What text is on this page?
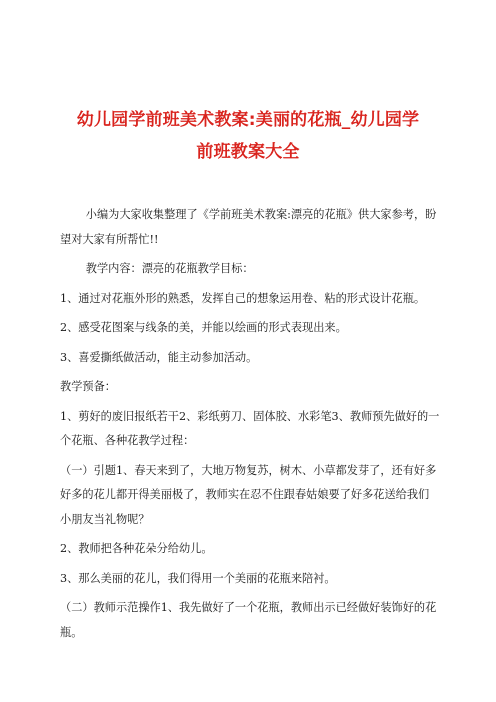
幼儿园学前班美术教案:美丽的花瓶_幼儿园学
前班教案大全

小编为大家收集整理了《学前班美术教案:漂亮的花瓶》供大家参考，盼望对大家有所帮忙!!

教学内容：漂亮的花瓶教学目标：

1、通过对花瓶外形的熟悉，发挥自己的想象运用卷、粘的形式设计花瓶。

2、感受花图案与线条的美，并能以绘画的形式表现出来。

3、喜爱撕纸做活动，能主动参加活动。

教学预备：

1、剪好的废旧报纸若干2、彩纸剪刀、固体胶、水彩笔3、教师预先做好的一个花瓶、各种花教学过程：

（一）引题1、春天来到了，大地万物复苏，树木、小草都发芽了，还有好多好多的花儿都开得美丽极了，教师实在忍不住跟春姑娘要了好多花送给我们小朋友当礼物呢？

2、教师把各种花朵分给幼儿。

3、那么美丽的花儿，我们得用一个美丽的花瓶来陪衬。

（二）教师示范操作1、我先做好了一个花瓶，教师出示已经做好装饰好的花瓶。
